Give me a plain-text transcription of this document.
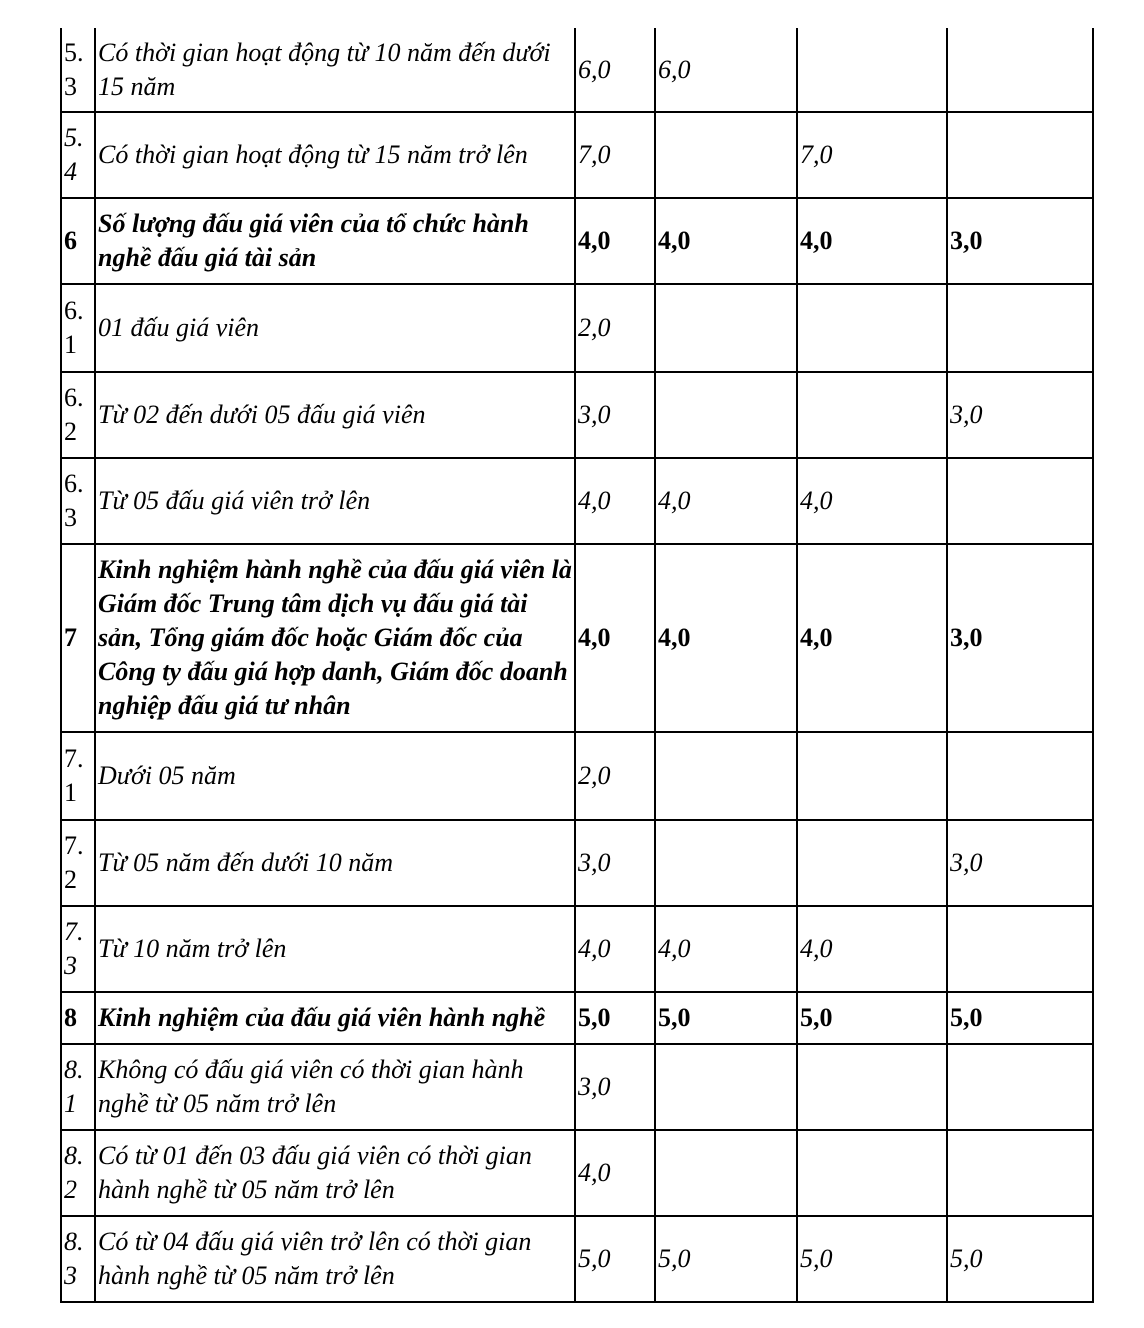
5.3	Có thời gian hoạt động từ 10 năm đến dưới 15 năm	6,0	6,0		
5.4	Có thời gian hoạt động từ 15 năm trở lên	7,0		7,0	
6	Số lượng đấu giá viên của tổ chức hành nghề đấu giá tài sản	4,0	4,0	4,0	3,0
6.1	01 đấu giá viên	2,0			
6.2	Từ 02 đến dưới 05 đấu giá viên	3,0			3,0
6.3	Từ 05 đấu giá viên trở lên	4,0	4,0	4,0	
7	Kinh nghiệm hành nghề của đấu giá viên là Giám đốc Trung tâm dịch vụ đấu giá tài sản, Tổng giám đốc hoặc Giám đốc của Công ty đấu giá hợp danh, Giám đốc doanh nghiệp đấu giá tư nhân	4,0	4,0	4,0	3,0
7.1	Dưới 05 năm	2,0			
7.2	Từ 05 năm đến dưới 10 năm	3,0			3,0
7.3	Từ 10 năm trở lên	4,0	4,0	4,0	
8	Kinh nghiệm của đấu giá viên hành nghề	5,0	5,0	5,0	5,0
8.1	Không có đấu giá viên có thời gian hành nghề từ 05 năm trở lên	3,0			
8.2	Có từ 01 đến 03 đấu giá viên có thời gian hành nghề từ 05 năm trở lên	4,0			
8.3	Có từ 04 đấu giá viên trở lên có thời gian hành nghề từ 05 năm trở lên	5,0	5,0	5,0	5,0
